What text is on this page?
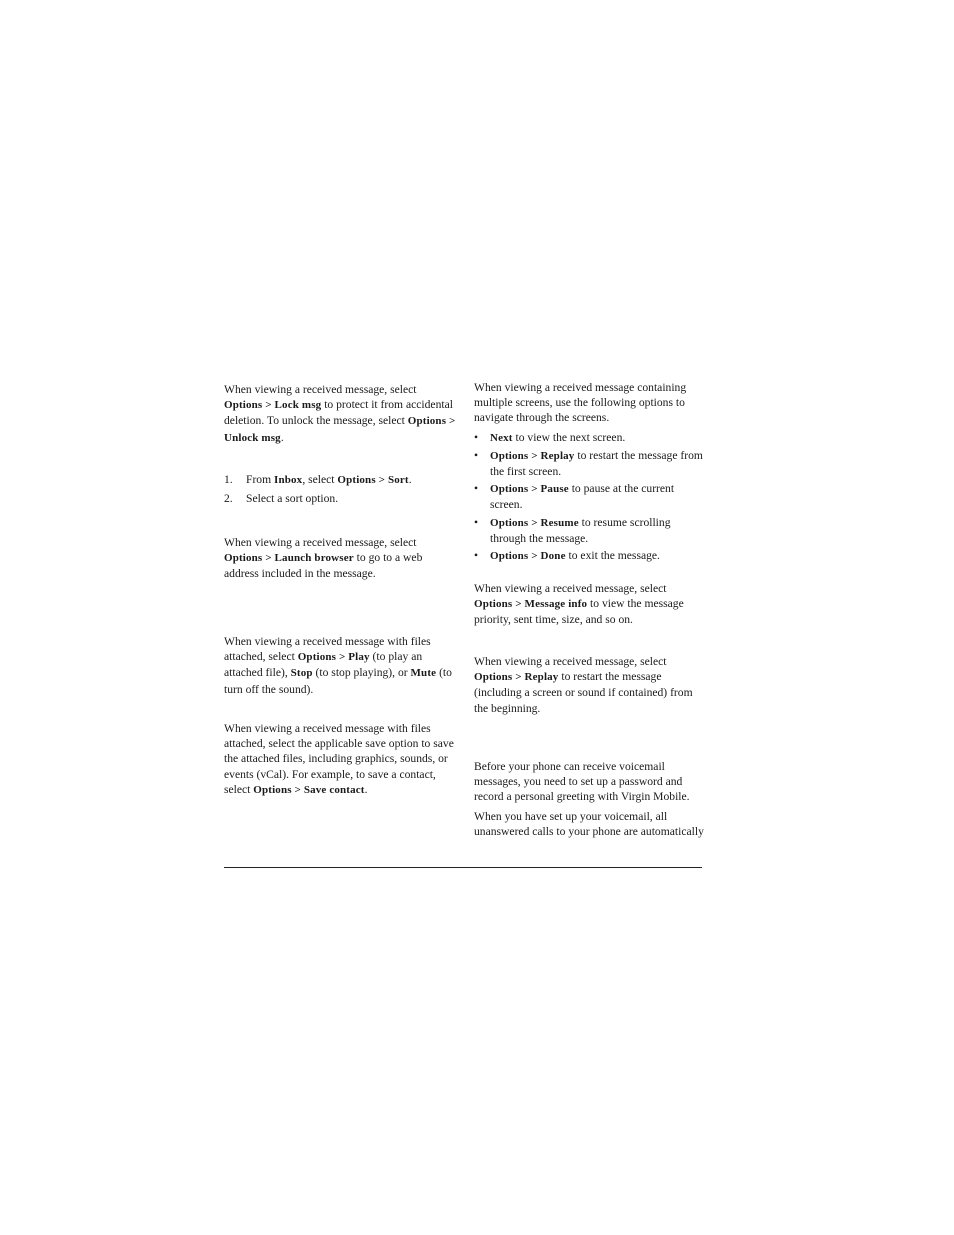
When viewing a received message, select Options > Lock msg to protect it from accidental deletion. To unlock the message, select Options > Unlock msg.

1. From Inbox, select Options > Sort.
2. Select a sort option.

When viewing a received message, select Options > Launch browser to go to a web address included in the message.

When viewing a received message with files attached, select Options > Play (to play an attached file), Stop (to stop playing), or Mute (to turn off the sound).

When viewing a received message with files attached, select the applicable save option to save the attached files, including graphics, sounds, or events (vCal). For example, to save a contact, select Options > Save contact.

When viewing a received message containing multiple screens, use the following options to navigate through the screens.

• Next to view the next screen.
• Options > Replay to restart the message from the first screen.
• Options > Pause to pause at the current screen.
• Options > Resume to resume scrolling through the message.
• Options > Done to exit the message.

When viewing a received message, select Options > Message info to view the message priority, sent time, size, and so on.

When viewing a received message, select Options > Replay to restart the message (including a screen or sound if contained) from the beginning.

Before your phone can receive voicemail messages, you need to set up a password and record a personal greeting with Virgin Mobile.

When you have set up your voicemail, all unanswered calls to your phone are automatically
